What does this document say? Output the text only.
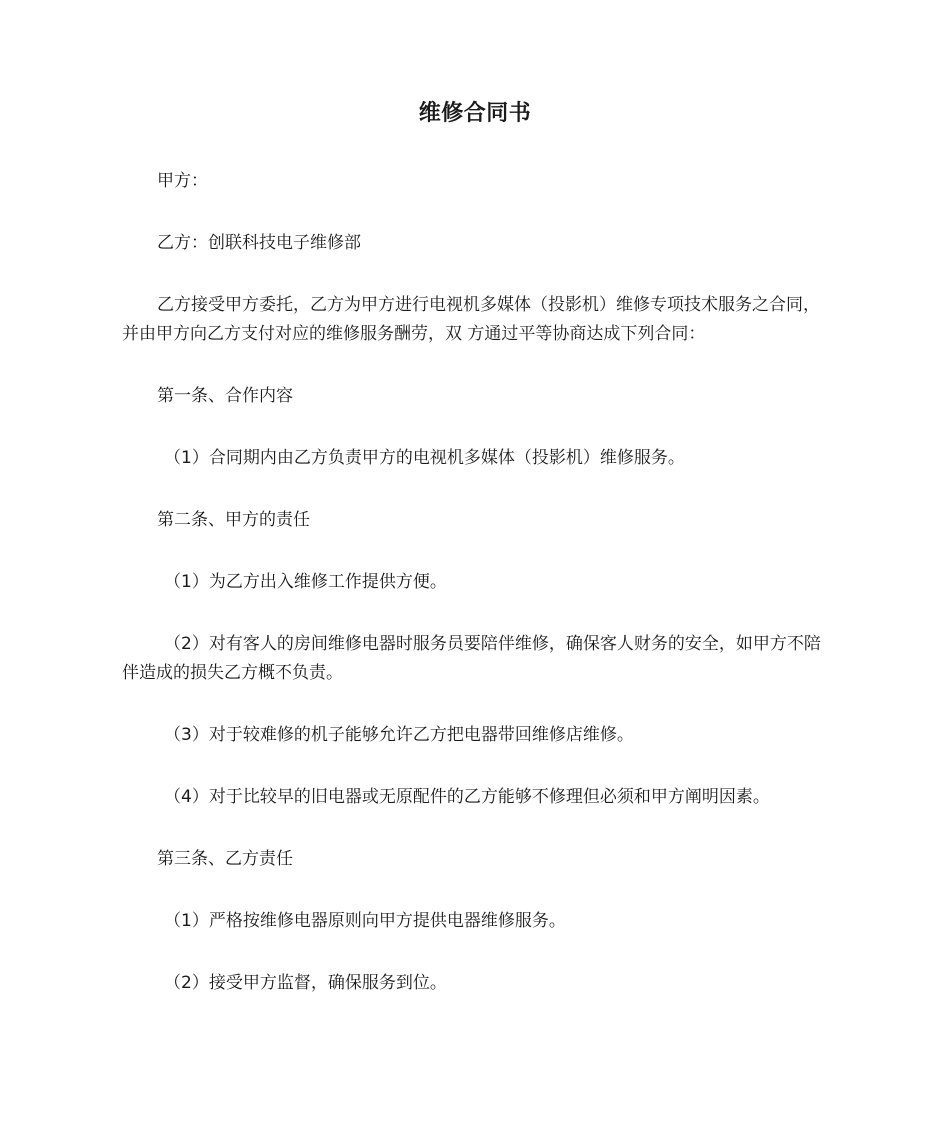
维修合同书

甲方：

乙方：创联科技电子维修部

乙方接受甲方委托，乙方为甲方进行电视机多媒体（投影机）维修专项技术服务之合同，并由甲方向乙方支付对应的维修服务酬劳，双 方通过平等协商达成下列合同：

第一条、合作内容

（1）合同期内由乙方负责甲方的电视机多媒体（投影机）维修服务。

第二条、甲方的责任

（1）为乙方出入维修工作提供方便。

（2）对有客人的房间维修电器时服务员要陪伴维修，确保客人财务的安全，如甲方不陪伴造成的损失乙方概不负责。

（3）对于较难修的机子能够允许乙方把电器带回维修店维修。

（4）对于比较早的旧电器或无原配件的乙方能够不修理但必须和甲方阐明因素。

第三条、乙方责任

（1）严格按维修电器原则向甲方提供电器维修服务。

（2）接受甲方监督，确保服务到位。
